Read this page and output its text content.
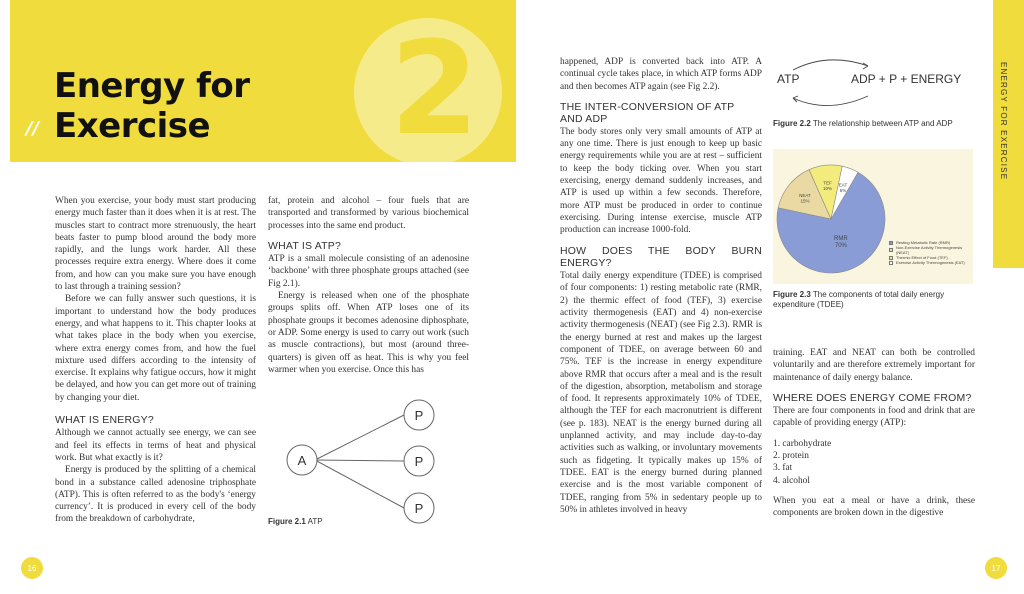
2
Energy for
// Exercise

When you exercise, your body must start producing energy much faster than it does when it is at rest. The muscles start to contract more strenuously, the heart beats faster to pump blood around the body more rapidly, and the lungs work harder. All these processes require extra energy. Where does it come from, and how can you make sure you have enough to last through a training session?

Before we can fully answer such questions, it is important to understand how the body produces energy, and what happens to it. This chapter looks at what takes place in the body when you exercise, where extra energy comes from, and how the fuel mixture used differs according to the intensity of exercise. It explains why fatigue occurs, how it might be delayed, and how you can get more out of training by changing your diet.

WHAT IS ENERGY?

Although we cannot actually see energy, we can see and feel its effects in terms of heat and physical work. But what exactly is it?

Energy is produced by the splitting of a chemical bond in a substance called adenosine triphosphate (ATP). This is often referred to as the body's ‘energy currency’. It is produced in every cell of the body from the breakdown of carbohydrate,

fat, protein and alcohol – four fuels that are transported and transformed by various biochemical processes into the same end product.

WHAT IS ATP?

ATP is a small molecule consisting of an adenosine ‘backbone’ with three phosphate groups attached (see Fig 2.1).

Energy is released when one of the phosphate groups splits off. When ATP loses one of its phosphate groups it becomes adenosine diphosphate, or ADP. Some energy is used to carry out work (such as muscle contractions), but most (around three-quarters) is given off as heat. This is why you feel warmer when you exercise. Once this has

A
P
P
P
Figure 2.1 ATP
16
ENERGY FOR EXERCISE

happened, ADP is converted back into ATP. A continual cycle takes place, in which ATP forms ADP and then becomes ATP again (see Fig 2.2).

THE INTER-CONVERSION OF ATP
AND ADP

The body stores only very small amounts of ATP at any one time. There is just enough to keep up basic energy requirements while you are at rest – sufficient to keep the body ticking over. When you start exercising, energy demand suddenly increases, and ATP is used up within a few seconds. Therefore, more ATP must be produced in order to continue exercising. During intense exercise, muscle ATP production can increase 1000-fold.

HOW DOES THE BODY BURN ENERGY?

Total daily energy expenditure (TDEE) is comprised of four components: 1) resting metabolic rate (RMR, 2) the thermic effect of food (TEF), 3) exercise activity thermogenesis (EAT) and 4) non-exercise activity thermogenesis (NEAT) (see Fig 2.3). RMR is the energy burned at rest and makes up the largest component of TDEE, on average between 60 and 75%. TEF is the increase in energy expenditure above RMR that occurs after a meal and is the result of the digestion, absorption, metabolism and storage of food. It represents approximately 10% of TDEE, although the TEF for each macronutrient is different (see p. 183). NEAT is the energy burned during all unplanned activity, and may include day-to-day activities such as walking, or involuntary movements such as fidgeting. It typically makes up 15% of TDEE. EAT is the energy burned during planned exercise and is the most variable component of TDEE, ranging from 5% in sedentary people up to 50% in athletes involved in heavy

ATP	ADP + P + ENERGY
Figure 2.2 The relationship between ATP and ADP
RMR
70%
NEAT
15%
TEF
10%
EAT
5%
Resting Metabolic Rate (RMR)
Non-Exercise Activity Thermogenesis (NEAT)
Thermic Effect of Food (TEF)
Exercise Activity Thermogenesis (EAT)
Figure 2.3 The components of total daily energy expenditure (TDEE)

training. EAT and NEAT can both be controlled voluntarily and are therefore extremely important for maintenance of daily energy balance.

WHERE DOES ENERGY COME FROM?

There are four components in food and drink that are capable of providing energy (ATP):

1. carbohydrate
2. protein
3. fat
4. alcohol

When you eat a meal or have a drink, these components are broken down in the digestive

17
